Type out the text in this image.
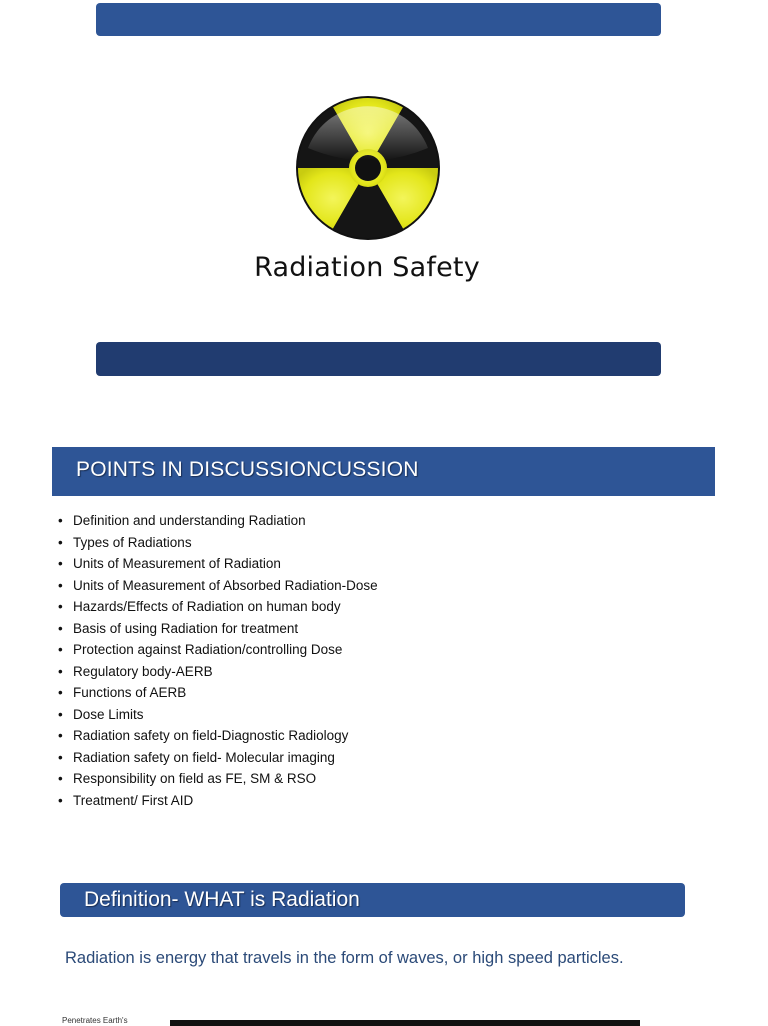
Radiation Safety
POINTS IN DISCUSSIONCUSSION
• Definition and understanding Radiation
• Types of Radiations
• Units of Measurement of Radiation
• Units of Measurement of Absorbed Radiation-Dose
• Hazards/Effects of Radiation on human body
• Basis of using Radiation for treatment
• Protection against Radiation/controlling Dose
• Regulatory body-AERB
• Functions of AERB
• Dose Limits
• Radiation safety on field-Diagnostic Radiology
• Radiation safety on field- Molecular imaging
• Responsibility on field as FE, SM & RSO
• Treatment/ First AID
Definition- WHAT is Radiation
Radiation is energy that travels in the form of waves, or high speed particles.
Penetrates Earth's
